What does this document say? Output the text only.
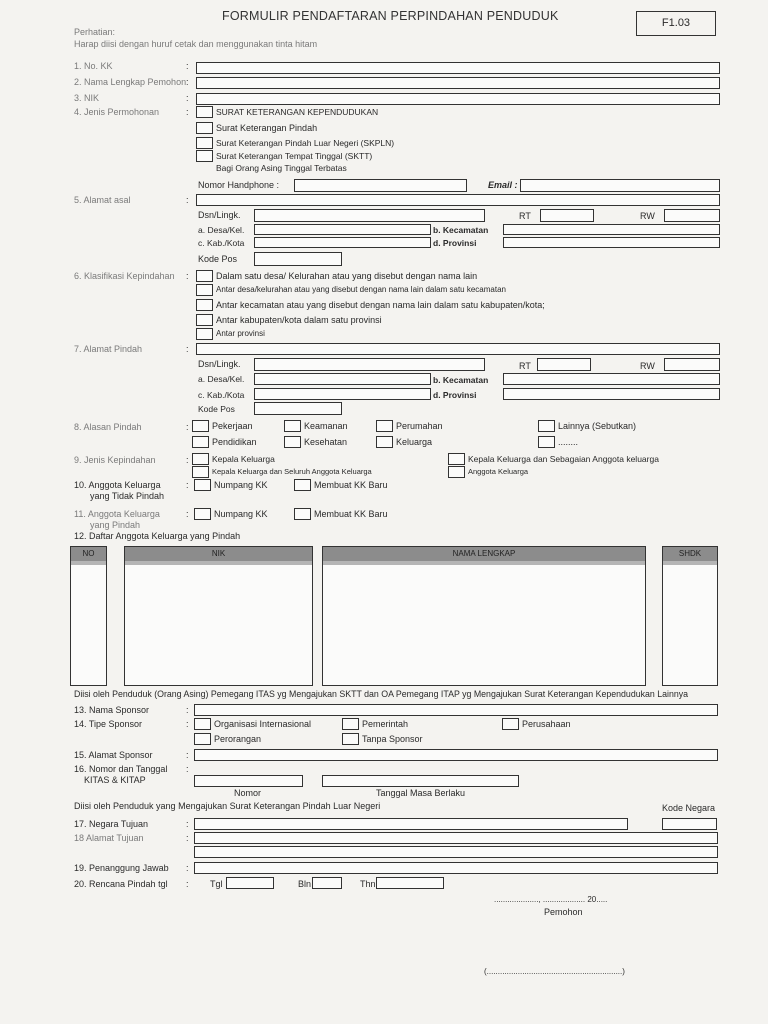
FORMULIR PENDAFTARAN PERPINDAHAN PENDUDUK	F1.03
Perhatian:
Harap diisi dengan huruf cetak dan menggunakan tinta hitam
1. No. KK	:
2. Nama Lengkap Pemohon :
3. NIK	:
4. Jenis Permohonan	:	SURAT KETERANGAN KEPENDUDUKAN
Surat Keterangan Pindah
Surat Keterangan Pindah Luar Negeri (SKPLN)
Surat Keterangan Tempat Tinggal (SKTT)
Bagi Orang Asing Tinggal Terbatas
Nomor Handphone :	Email :
5. Alamat asal	:
Dsn/Lingk.	RT	RW
a. Desa/Kel.	b. Kecamatan
c. Kab./Kota	d. Provinsi
Kode Pos
6. Klasifikasi Kepindahan :	Dalam satu desa/ Kelurahan atau yang disebut dengan nama lain
Antar desa/kelurahan atau yang disebut dengan nama lain dalam satu kecamatan
Antar kecamatan atau yang disebut dengan nama lain dalam satu kabupaten/kota;
Antar kabupaten/kota dalam satu provinsi
Antar provinsi
7. Alamat Pindah	:
Dsn/Lingk.	RT	RW
a. Desa/Kel.	b. Kecamatan
c. Kab./Kota	d. Provinsi
Kode Pos
8. Alasan Pindah	:	Pekerjaan	Keamanan	Perumahan	Lainnya (Sebutkan)
Pendidikan	Kesehatan	Keluarga	........
9. Jenis Kepindahan	:	Kepala Keluarga	Kepala Keluarga dan Sebagaian Anggota keluarga
Kepala Keluarga dan Seluruh Anggota Keluarga	Anggota Keluarga
10. Anggota Keluarga
yang Tidak Pindah
:	Numpang KK	Membuat KK Baru
11. Anggota Keluarga
yang Pindah
:	Numpang KK	Membuat KK Baru
12. Daftar Anggota Keluarga yang Pindah
NO	NIK	NAMA LENGKAP	SHDK
Diisi oleh Penduduk (Orang Asing) Pemegang ITAS yg Mengajukan SKTT dan OA Pemegang ITAP yg Mengajukan Surat Keterangan Kependudukan Lainnya
13. Nama Sponsor	:
14. Tipe Sponsor	:	Organisasi Internasional	Pemerintah	Perusahaan
Perorangan	Tanpa Sponsor
15. Alamat Sponsor	:
16. Nomor dan Tanggal
KITAS & KITAP
:
Nomor	Tanggal Masa Berlaku
Diisi oleh Penduduk yang Mengajukan Surat Keterangan Pindah Luar Negeri	Kode Negara
17. Negara Tujuan	:
18 Alamat Tujuan	:
19. Penanggung Jawab :
20. Rencana Pindah tgl : Tgl	Bln	Thn
...................., ................... 20.....
Pemohon
(.............................................................)
